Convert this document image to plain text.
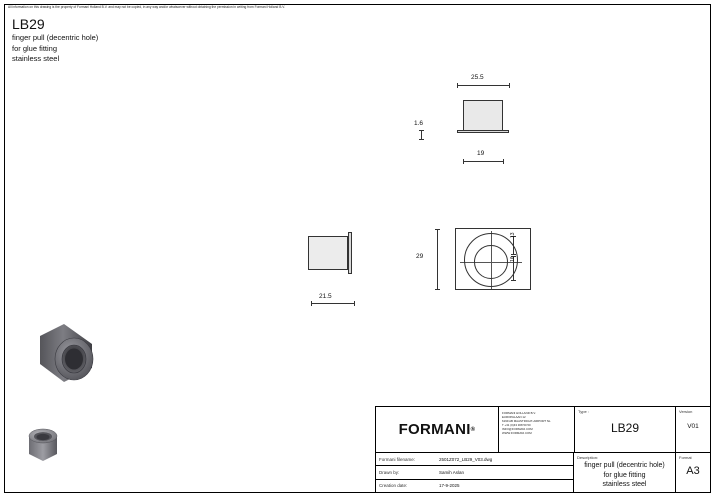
All information on this drawing is the property of Formani Holland B.V. and may not be copied, in any way and/or whatsoever without obtaining the permission in writing from Formani Holland B.V.
LB29
finger pull (decentric hole)
for glue fitting
stainless steel
25.5
1.6
19
21.5
29
13
16
FORMANI ®
FORMANI HOLLAND B.V.
EUROPALAAN 12
6199 AB MAASTRICHT-AIRPORT NL
T +31 (0)43 308 50 50
INFO@FORMANI.COM
WWW.FORMANI.COM
Type :
LB29
Version
V01
Formani filename:	2501Z072_LB29_V03.dwg
Drawn by:	Samih Aslan
Creation date:	17-9-2025
Description:
finger pull (decentric hole)
for glue fitting
stainless steel
Format
A3
